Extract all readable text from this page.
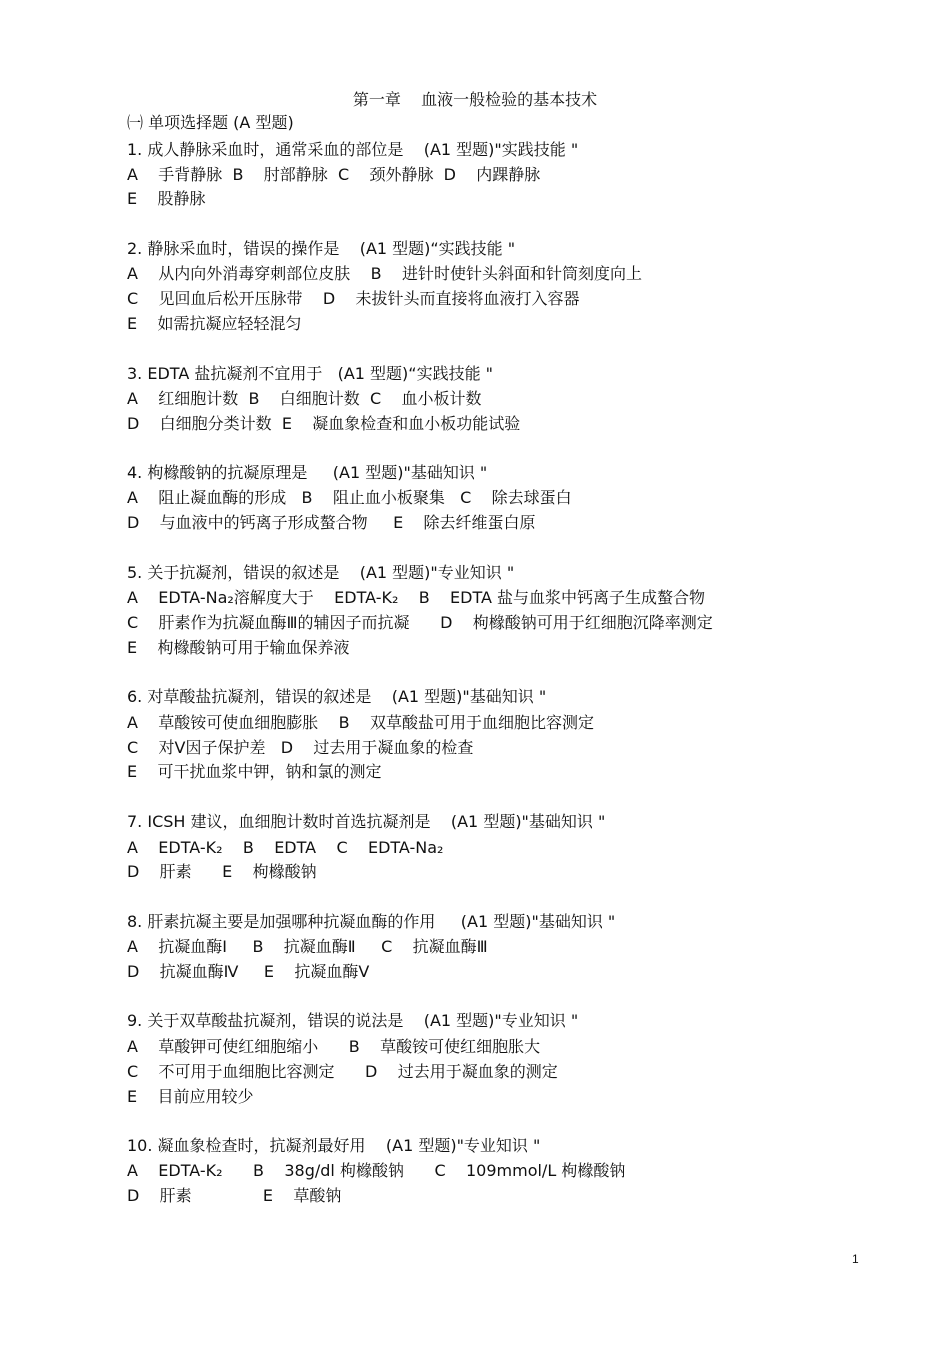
第一章    血液一般检验的基本技术
㈠ 单项选择题 (A 型题)
1. 成人静脉采血时，通常采血的部位是    (A1 型题)"实践技能 "
A    手背静脉  B    肘部静脉  C    颈外静脉  D    内踝静脉
E    股静脉
2. 静脉采血时，错误的操作是    (A1 型题)“实践技能 "
A    从内向外消毒穿刺部位皮肤    B    进针时使针头斜面和针筒刻度向上
C    见回血后松开压脉带    D    未拔针头而直接将血液打入容器
E    如需抗凝应轻轻混匀
3. EDTA 盐抗凝剂不宜用于   (A1 型题)“实践技能 "
A    红细胞计数  B    白细胞计数  C    血小板计数
D    白细胞分类计数  E    凝血象检查和血小板功能试验
4. 枸橼酸钠的抗凝原理是     (A1 型题)"基础知识 "
A    阻止凝血酶的形成   B    阻止血小板聚集   C    除去球蛋白
D    与血液中的钙离子形成螯合物     E    除去纤维蛋白原
5. 关于抗凝剂，错误的叙述是    (A1 型题)"专业知识 "
A    EDTA-Na₂溶解度大于    EDTA-K₂    B    EDTA 盐与血浆中钙离子生成螯合物
C    肝素作为抗凝血酶Ⅲ的辅因子而抗凝      D    枸橼酸钠可用于红细胞沉降率测定
E    枸橼酸钠可用于输血保养液
6. 对草酸盐抗凝剂，错误的叙述是    (A1 型题)"基础知识 "
A    草酸铵可使血细胞膨胀    B    双草酸盐可用于血细胞比容测定
C    对Ⅴ因子保护差   D    过去用于凝血象的检查
E    可干扰血浆中钾，钠和氯的测定
7. ICSH 建议，血细胞计数时首选抗凝剂是    (A1 型题)"基础知识 "
A    EDTA-K₂    B    EDTA    C    EDTA-Na₂
D    肝素      E    枸橼酸钠
8. 肝素抗凝主要是加强哪种抗凝血酶的作用     (A1 型题)"基础知识 "
A    抗凝血酶Ⅰ     B    抗凝血酶Ⅱ     C    抗凝血酶Ⅲ
D    抗凝血酶Ⅳ     E    抗凝血酶Ⅴ
9. 关于双草酸盐抗凝剂，错误的说法是    (A1 型题)"专业知识 "
A    草酸钾可使红细胞缩小      B    草酸铵可使红细胞胀大
C    不可用于血细胞比容测定      D    过去用于凝血象的测定
E    目前应用较少
10. 凝血象检查时，抗凝剂最好用    (A1 型题)"专业知识 "
A    EDTA-K₂      B    38g/dl 枸橼酸钠      C    109mmol/L 枸橼酸钠
D    肝素              E    草酸钠
1
